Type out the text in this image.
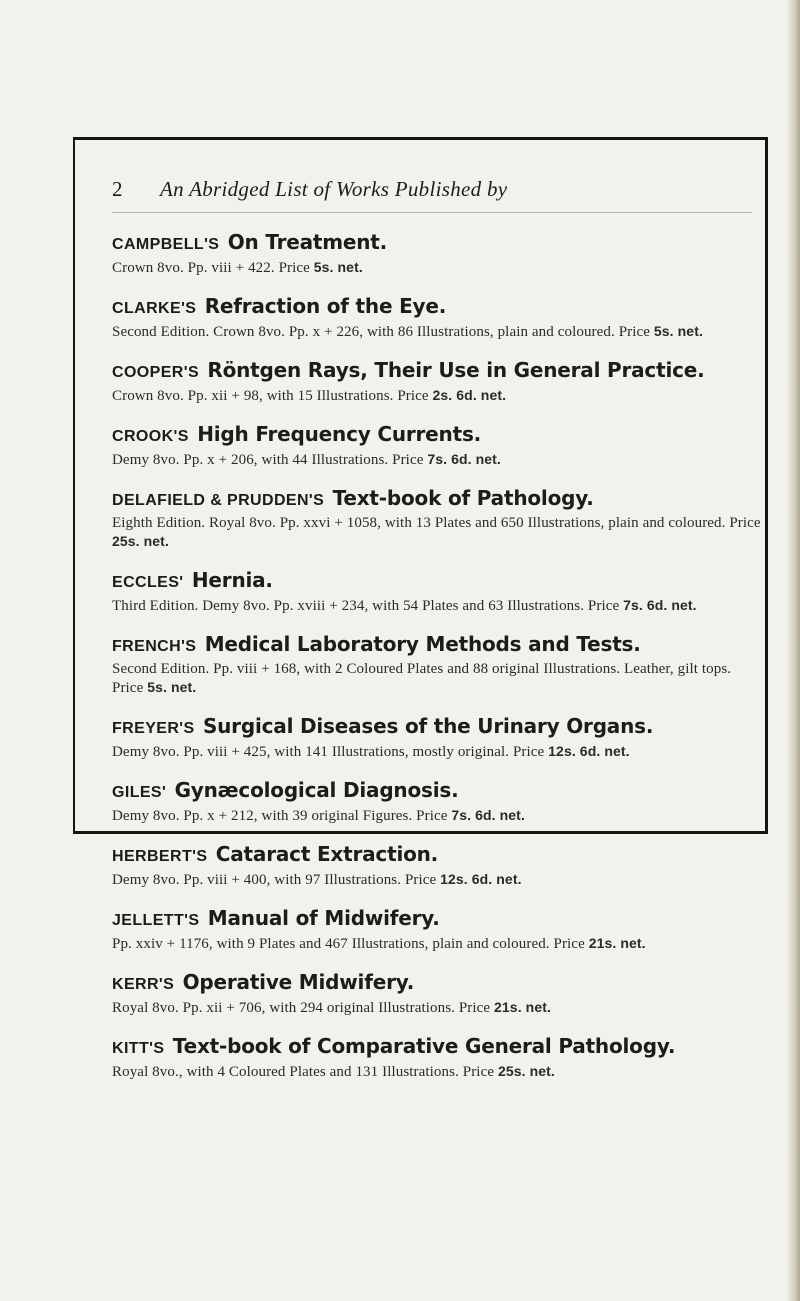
2 An Abridged List of Works Published by
CAMPBELL'S On Treatment.

Crown 8vo. Pp. viii + 422. Price 5s. net.

CLARKE'S Refraction of the Eye.

Second Edition. Crown 8vo. Pp. x + 226, with 86 Illustrations, plain and coloured. Price 5s. net.

COOPER'S Röntgen Rays, Their Use in General Practice.

Crown 8vo. Pp. xii + 98, with 15 Illustrations. Price 2s. 6d. net.

CROOK'S High Frequency Currents.

Demy 8vo. Pp. x + 206, with 44 Illustrations. Price 7s. 6d. net.

DELAFIELD & PRUDDEN'S Text-book of Pathology.

Eighth Edition. Royal 8vo. Pp. xxvi + 1058, with 13 Plates and 650 Illustrations, plain and coloured. Price 25s. net.

ECCLES' Hernia.

Third Edition. Demy 8vo. Pp. xviii + 234, with 54 Plates and 63 Illustrations. Price 7s. 6d. net.

FRENCH'S Medical Laboratory Methods and Tests.

Second Edition. Pp. viii + 168, with 2 Coloured Plates and 88 original Illustrations. Leather, gilt tops. Price 5s. net.

FREYER'S Surgical Diseases of the Urinary Organs.

Demy 8vo. Pp. viii + 425, with 141 Illustrations, mostly original. Price 12s. 6d. net.

GILES' Gynæcological Diagnosis.

Demy 8vo. Pp. x + 212, with 39 original Figures. Price 7s. 6d. net.

HERBERT'S Cataract Extraction.

Demy 8vo. Pp. viii + 400, with 97 Illustrations. Price 12s. 6d. net.

JELLETT'S Manual of Midwifery.

Pp. xxiv + 1176, with 9 Plates and 467 Illustrations, plain and coloured. Price 21s. net.

KERR'S Operative Midwifery.

Royal 8vo. Pp. xii + 706, with 294 original Illustrations. Price 21s. net.

KITT'S Text-book of Comparative General Pathology.

Royal 8vo., with 4 Coloured Plates and 131 Illustrations. Price 25s. net.
